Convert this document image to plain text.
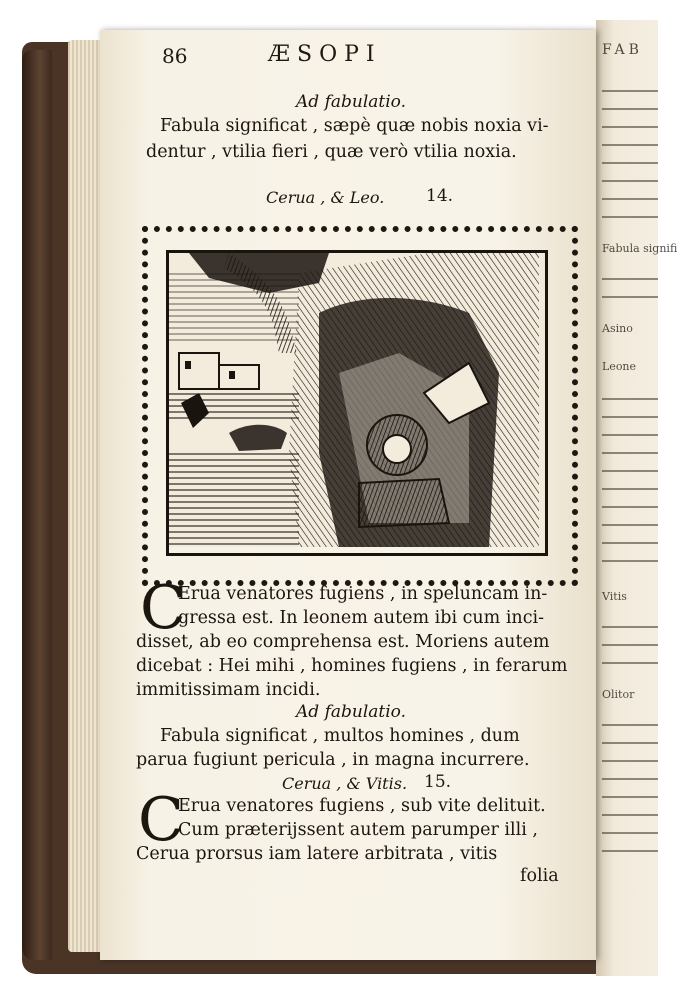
FAB
Fabula signifi
Asino
Leone
Vitis
Olitor
86	ÆSOPI
Ad fabulatio.
Fabula significat , sæpè quæ nobis noxia vi-
dentur , vtilia fieri , quæ verò vtilia noxia.
Cerua , & Leo. 14.
C
Erua venatores fugiens , in speluncam in-
gressa est. In leonem autem ibi cum inci-
disset, ab eo comprehensa est. Moriens autem
dicebat : Hei mihi , homines fugiens , in ferarum
immitissimam incidi.
Ad fabulatio.
Fabula significat , multos homines , dum
parua fugiunt pericula , in magna incurrere.
Cerua , & Vitis. 15.
C
Erua venatores fugiens , sub vite delituit.
Cum prætеrijssent autem parumper illi ,
Cerua prorsus iam latere arbitrata , vitis
folia
